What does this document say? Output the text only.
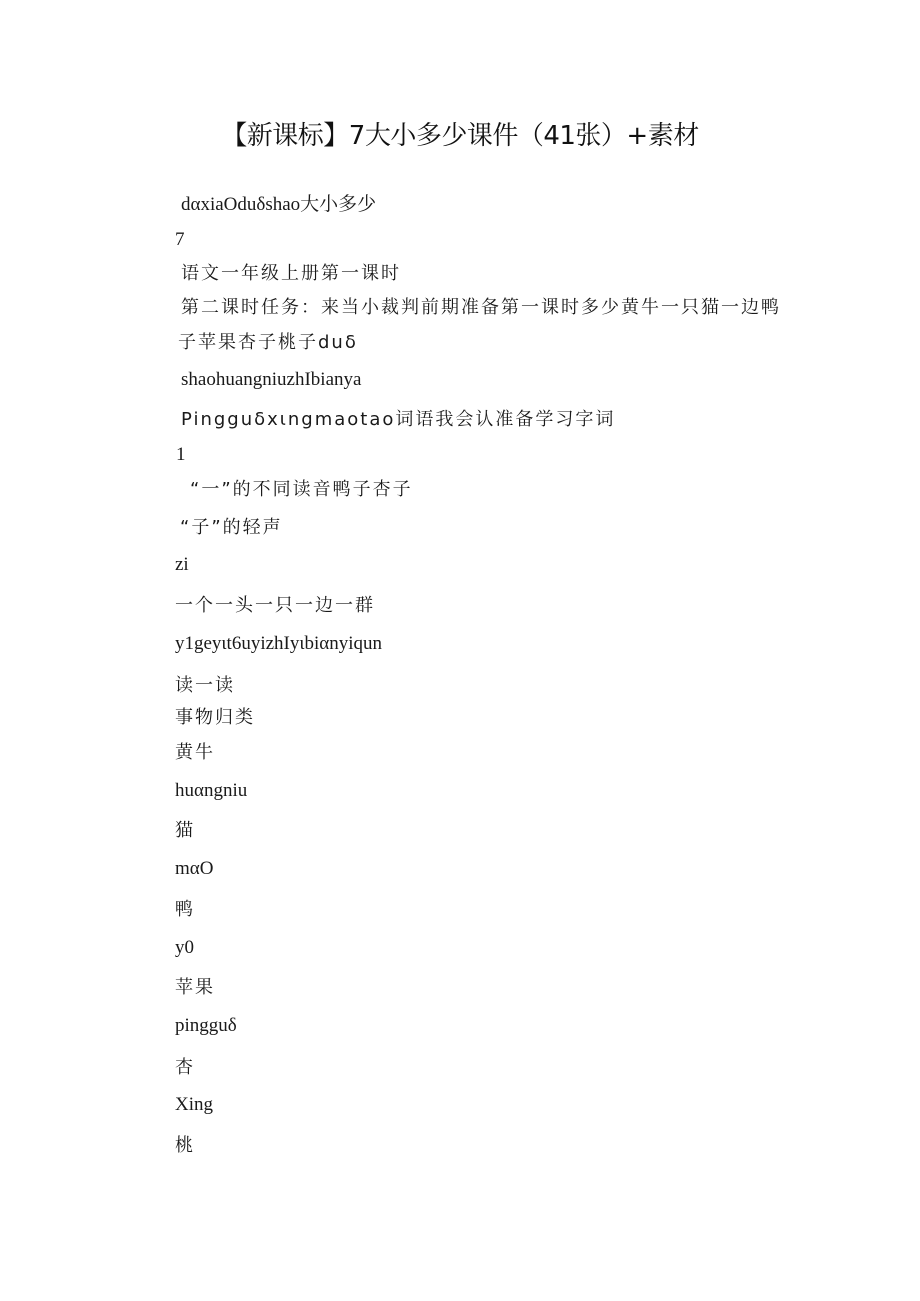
【新课标】7大小多少课件（41张）+素材
dαxiaOduδshao大小多少
7
语文一年级上册第一课时
第二课时任务：来当小裁判前期准备第一课时多少黄牛一只猫一边鸭
子苹果杏子桃子duδ
shaohuangniuzhIbianya
Pingguδxιngmaotao词语我会认准备学习字词
1
“一”的不同读音鸭子杏子
“子”的轻声
zi
一个一头一只一边一群
y1geyιt6uyizhIyιbiαnyiqun
读一读
事物归类
黄牛
huαngniu
猫
mαO
鸭
y0
苹果
pingguδ
杏
Xing
桃
